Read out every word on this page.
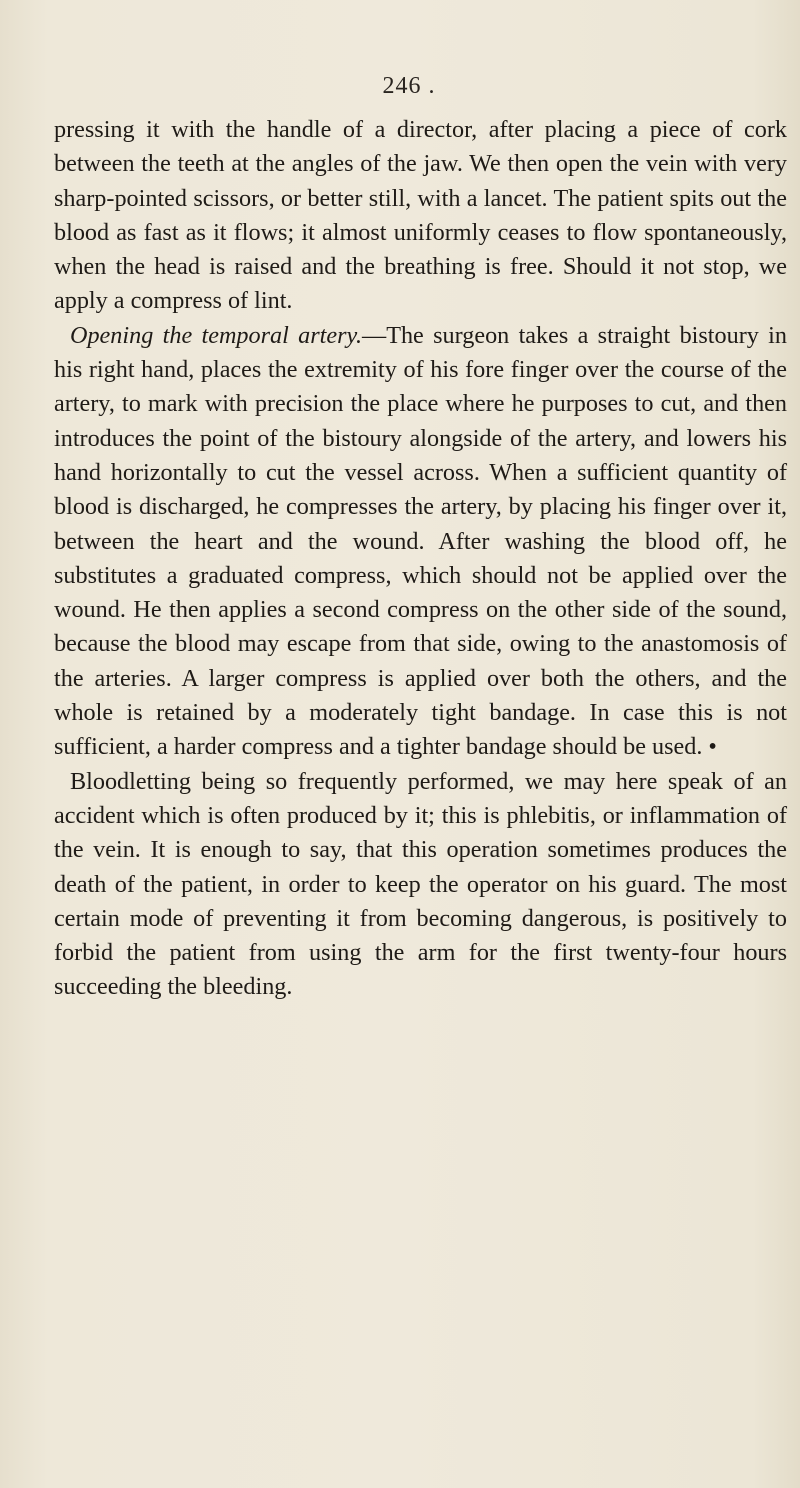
246 .

pressing it with the handle of a director, after placing a piece of cork between the teeth at the angles of the jaw. We then open the vein with very sharp-pointed scissors, or better still, with a lancet. The patient spits out the blood as fast as it flows; it almost uniformly ceases to flow spontaneously, when the head is raised and the breathing is free. Should it not stop, we apply a compress of lint.

Opening the temporal artery.—The surgeon takes a straight bistoury in his right hand, places the extremity of his fore finger over the course of the artery, to mark with precision the place where he purposes to cut, and then introduces the point of the bistoury alongside of the artery, and lowers his hand horizontally to cut the vessel across. When a sufficient quantity of blood is discharged, he compresses the artery, by placing his finger over it, between the heart and the wound. After washing the blood off, he substitutes a graduated compress, which should not be applied over the wound. He then applies a second compress on the other side of the sound, because the blood may escape from that side, owing to the anastomosis of the arteries. A larger compress is applied over both the others, and the whole is retained by a moderately tight bandage. In case this is not sufficient, a harder compress and a tighter bandage should be used. •

Bloodletting being so frequently performed, we may here speak of an accident which is often produced by it; this is phlebitis, or inflammation of the vein. It is enough to say, that this operation sometimes produces the death of the patient, in order to keep the operator on his guard. The most certain mode of preventing it from becoming dangerous, is positively to forbid the patient from using the arm for the first twenty-four hours succeeding the bleeding.
